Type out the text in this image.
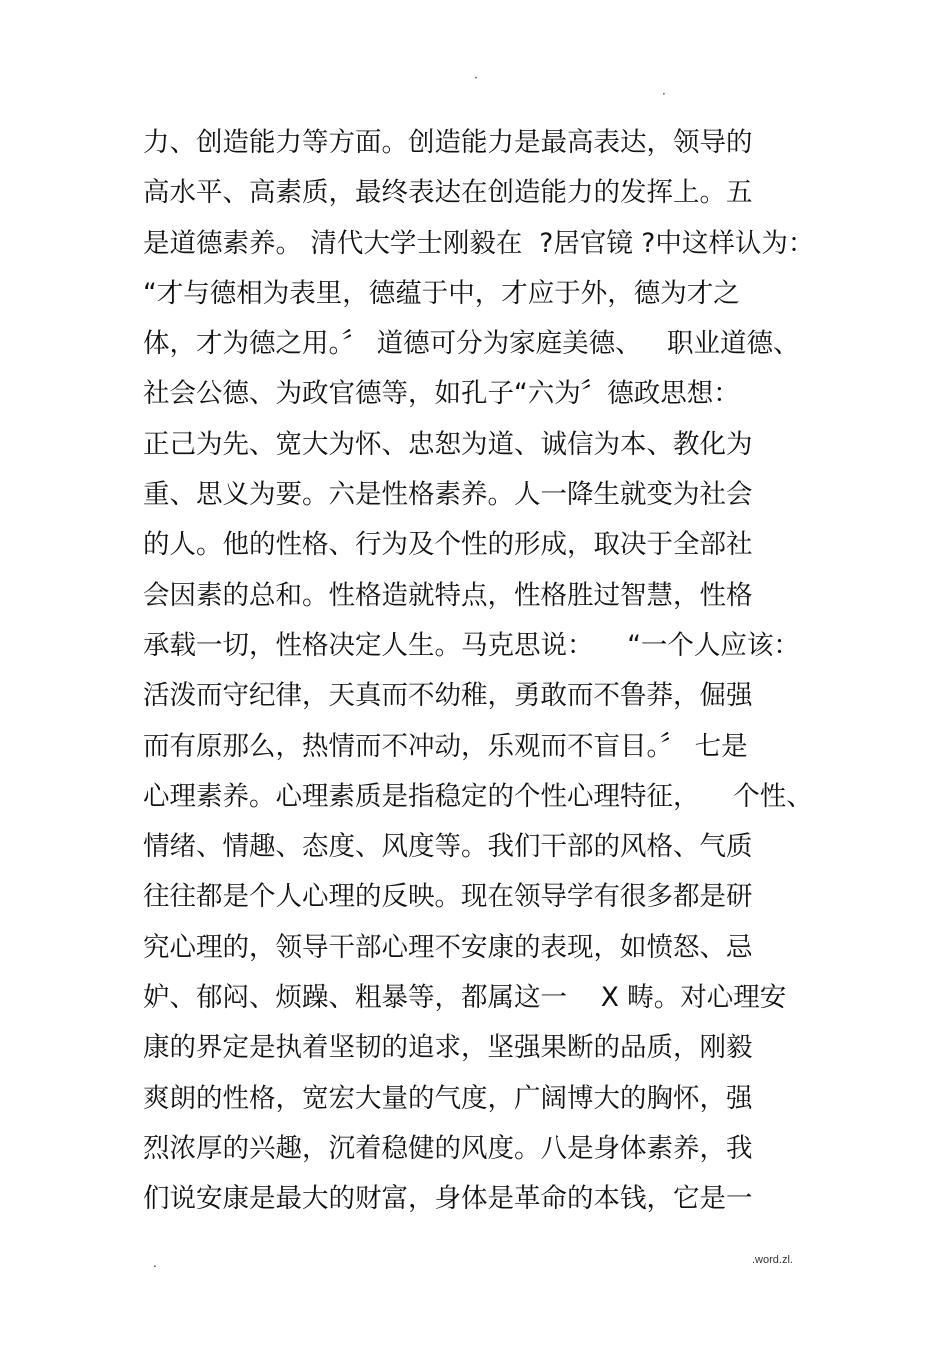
·
·
力、创造能力等方面。创造能力是最高表达，领导的
高水平、高素质，最终表达在创造能力的发挥上。五
是道德素养。 清代大学士刚毅在  ?居官镜 ?中这样认为：
“才与德相为表里，德蕴于中，才应于外，德为才之
体，才为德之用。〞 道德可分为家庭美德、   职业道德、
社会公德、为政官德等，如孔子“六为〞德政思想：
正己为先、宽大为怀、忠恕为道、诚信为本、教化为
重、思义为要。六是性格素养。人一降生就变为社会
的人。他的性格、行为及个性的形成，取决于全部社
会因素的总和。性格造就特点，性格胜过智慧，性格
承载一切，性格决定人生。马克思说：    “一个人应该：
活泼而守纪律，天真而不幼稚，勇敢而不鲁莽，倔强
而有原那么，热情而不冲动，乐观而不盲目。〞 七是
心理素养。心理素质是指稳定的个性心理特征，    个性、
情绪、情趣、态度、风度等。我们干部的风格、气质
往往都是个人心理的反映。现在领导学有很多都是研
究心理的，领导干部心理不安康的表现，如愤怒、忌
妒、郁闷、烦躁、粗暴等，都属这一    X 畴。对心理安
康的界定是执着坚韧的追求，坚强果断的品质，刚毅
爽朗的性格，宽宏大量的气度，广阔博大的胸怀，强
烈浓厚的兴趣，沉着稳健的风度。八是身体素养，我
们说安康是最大的财富，身体是革命的本钱，它是一
.	.word.zl.
